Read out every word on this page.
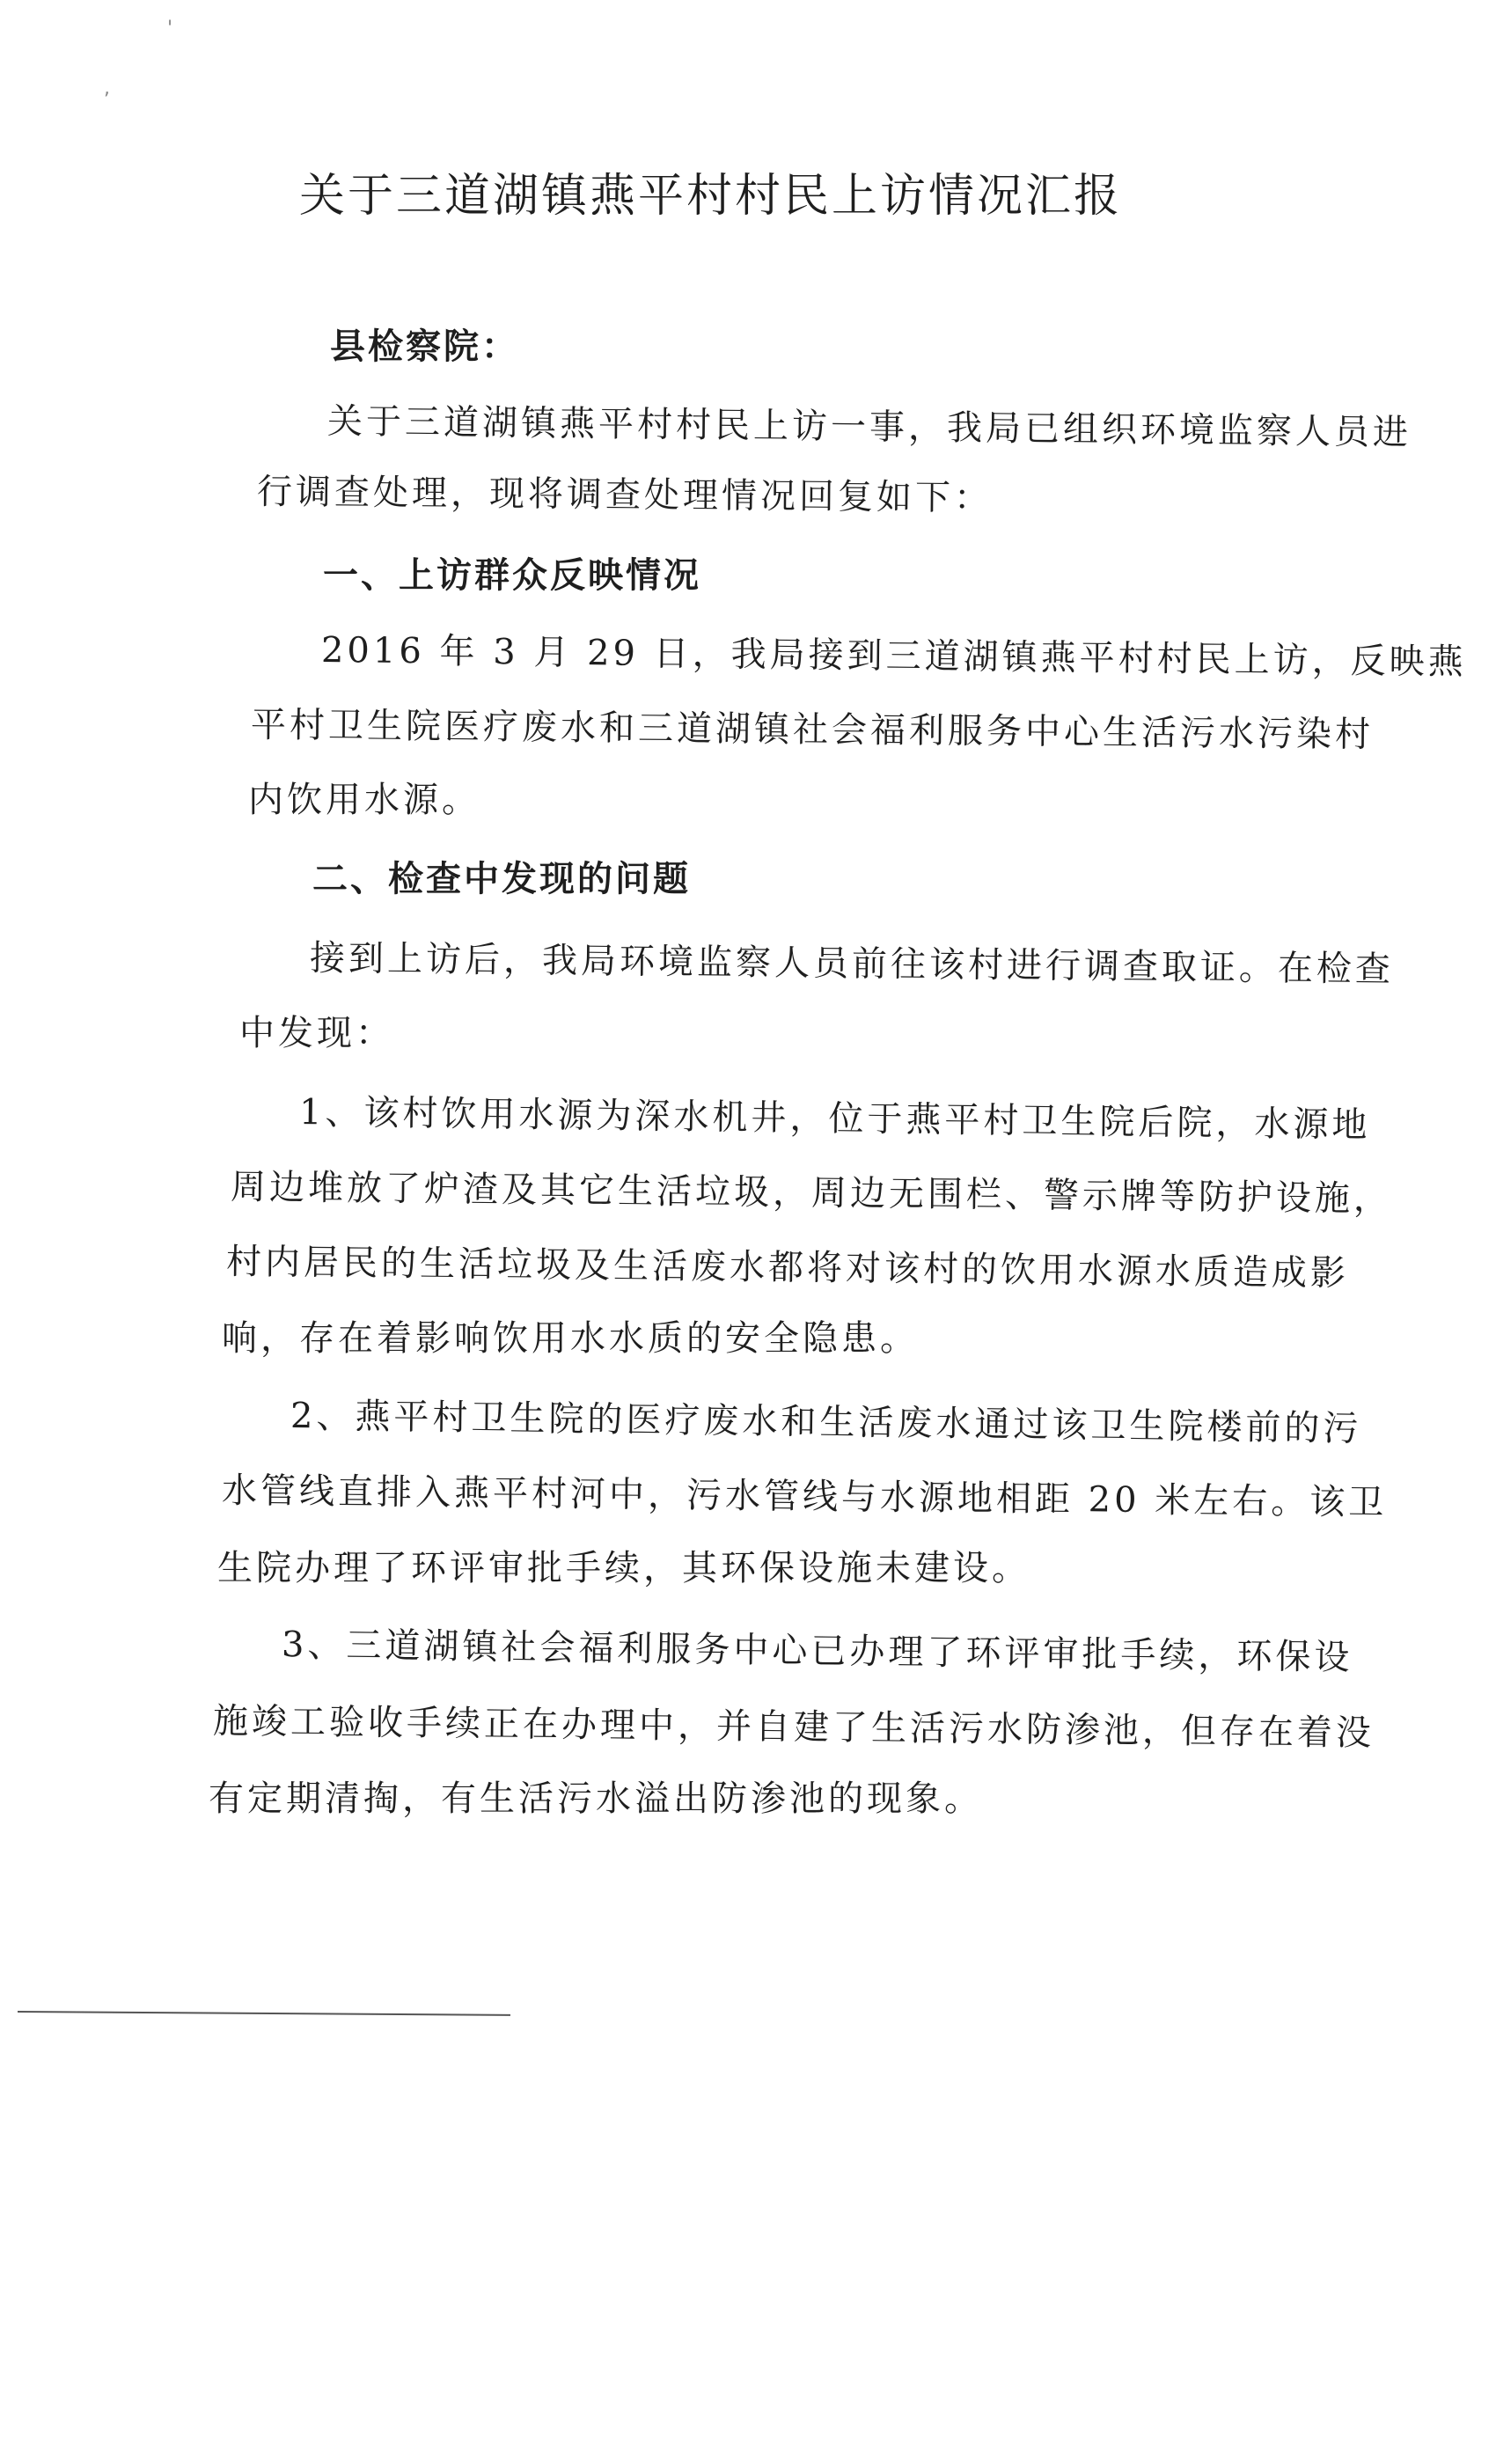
'
,
关于三道湖镇燕平村村民上访情况汇报
县检察院：
关于三道湖镇燕平村村民上访一事，我局已组织环境监察人员进
行调查处理，现将调查处理情况回复如下：
一、上访群众反映情况
2016 年 3 月 29 日，我局接到三道湖镇燕平村村民上访，反映燕
平村卫生院医疗废水和三道湖镇社会福利服务中心生活污水污染村
内饮用水源。
二、检查中发现的问题
接到上访后，我局环境监察人员前往该村进行调查取证。在检查
中发现：
1、该村饮用水源为深水机井，位于燕平村卫生院后院，水源地
周边堆放了炉渣及其它生活垃圾，周边无围栏、警示牌等防护设施，
村内居民的生活垃圾及生活废水都将对该村的饮用水源水质造成影
响，存在着影响饮用水水质的安全隐患。
2、燕平村卫生院的医疗废水和生活废水通过该卫生院楼前的污
水管线直排入燕平村河中，污水管线与水源地相距 20 米左右。该卫
生院办理了环评审批手续，其环保设施未建设。
3、三道湖镇社会福利服务中心已办理了环评审批手续，环保设
施竣工验收手续正在办理中，并自建了生活污水防渗池，但存在着没
有定期清掏，有生活污水溢出防渗池的现象。
